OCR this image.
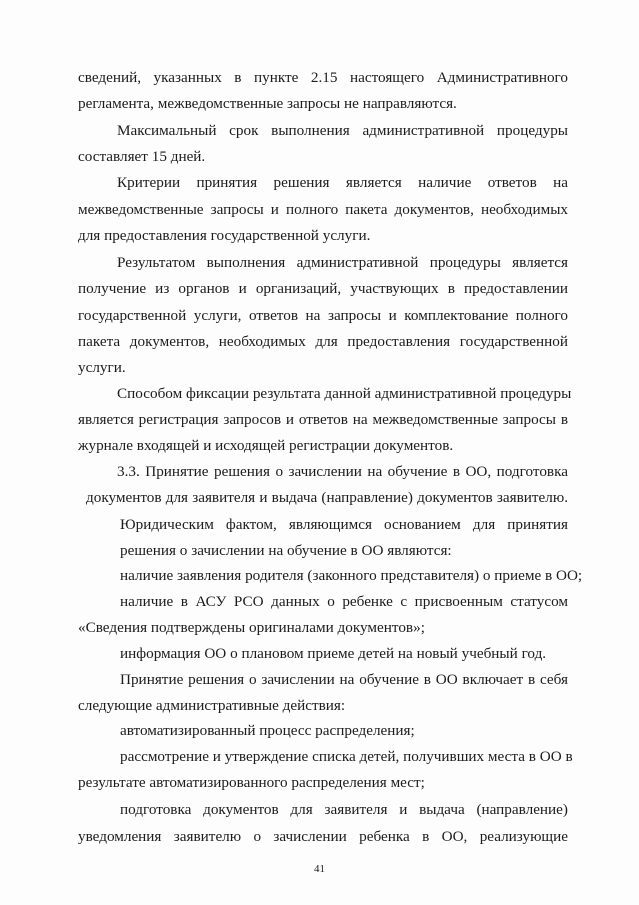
сведений, указанных в пункте 2.15 настоящего Административного
регламента, межведомственные запросы не направляются.
Максимальный срок выполнения административной процедуры
составляет 15 дней.
Критерии принятия решения является наличие ответов на
межведомственные запросы и полного пакета документов, необходимых
для предоставления государственной услуги.
Результатом выполнения административной процедуры является
получение из органов и организаций, участвующих в предоставлении
государственной услуги, ответов на запросы и комплектование полного
пакета документов, необходимых для предоставления государственной
услуги.
Способом фиксации результата данной административной процедуры
является регистрация запросов и ответов на межведомственные запросы в
журнале входящей и исходящей регистрации документов.
3.3. Принятие решения о зачислении на обучение в ОО, подготовка
документов для заявителя и выдача (направление) документов заявителю.
Юридическим фактом, являющимся основанием для принятия
решения о зачислении на обучение в ОО являются:
наличие заявления родителя (законного представителя) о приеме в ОО;
наличие в АСУ РСО данных о ребенке с присвоенным статусом
«Сведения подтверждены оригиналами документов»;
информация ОО о плановом приеме детей на новый учебный год.
Принятие решения о зачислении на обучение в ОО включает в себя
следующие административные действия:
автоматизированный процесс распределения;
рассмотрение и утверждение списка детей, получивших места в ОО в
результате автоматизированного распределения мест;
подготовка документов для заявителя и выдача (направление)
уведомления заявителю о зачислении ребенка в ОО, реализующие
41
